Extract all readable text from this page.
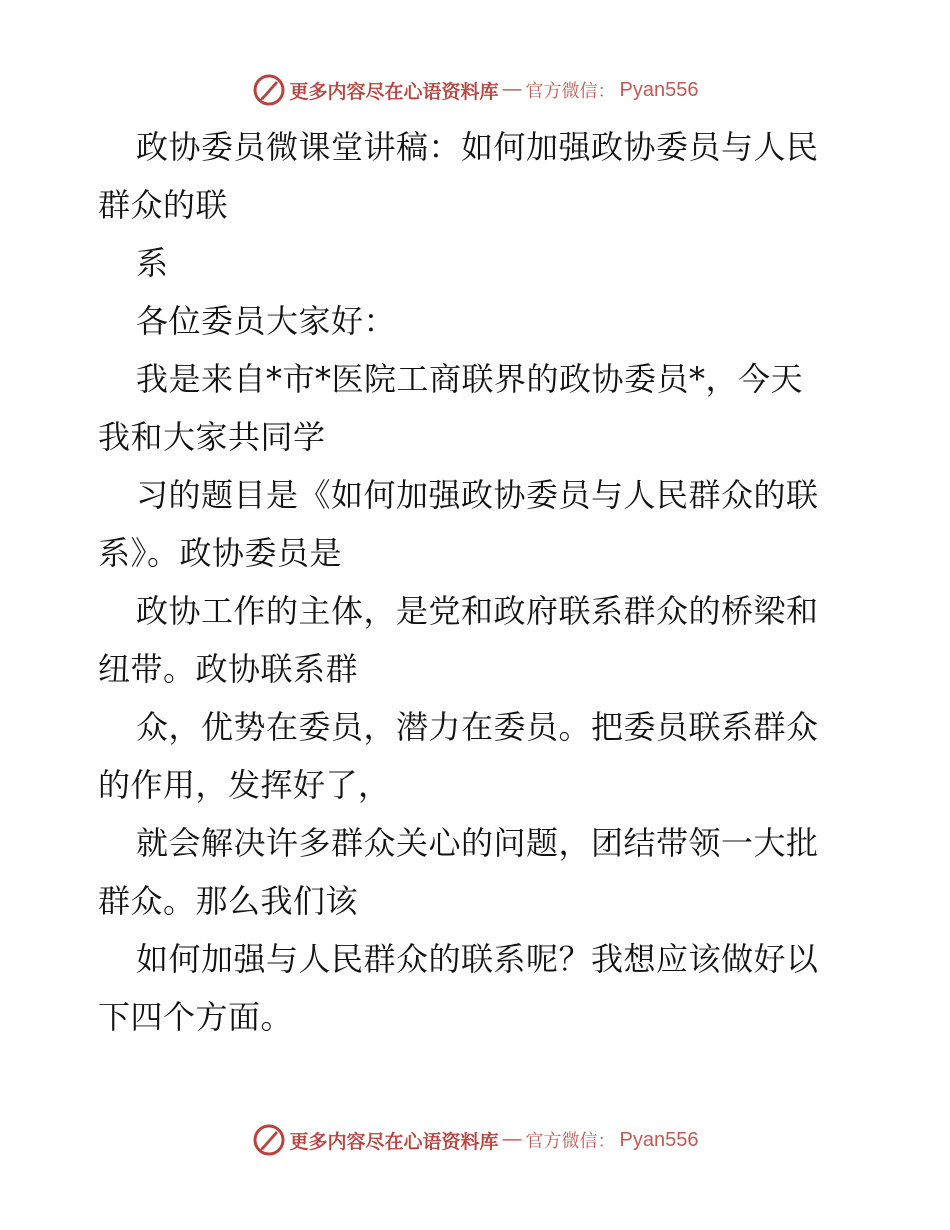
更多内容尽在心语资料库 — 官方微信： Pyan556

政协委员微课堂讲稿：如何加强政协委员与人民

群众的联

系

各位委员大家好：

我是来自*市*医院工商联界的政协委员*，今天

我和大家共同学

习的题目是《如何加强政协委员与人民群众的联

系》。政协委员是

政协工作的主体，是党和政府联系群众的桥梁和

纽带。政协联系群

众，优势在委员，潜力在委员。把委员联系群众

的作用，发挥好了，

就会解决许多群众关心的问题，团结带领一大批

群众。那么我们该

如何加强与人民群众的联系呢？我想应该做好以

下四个方面。

更多内容尽在心语资料库 — 官方微信： Pyan556
